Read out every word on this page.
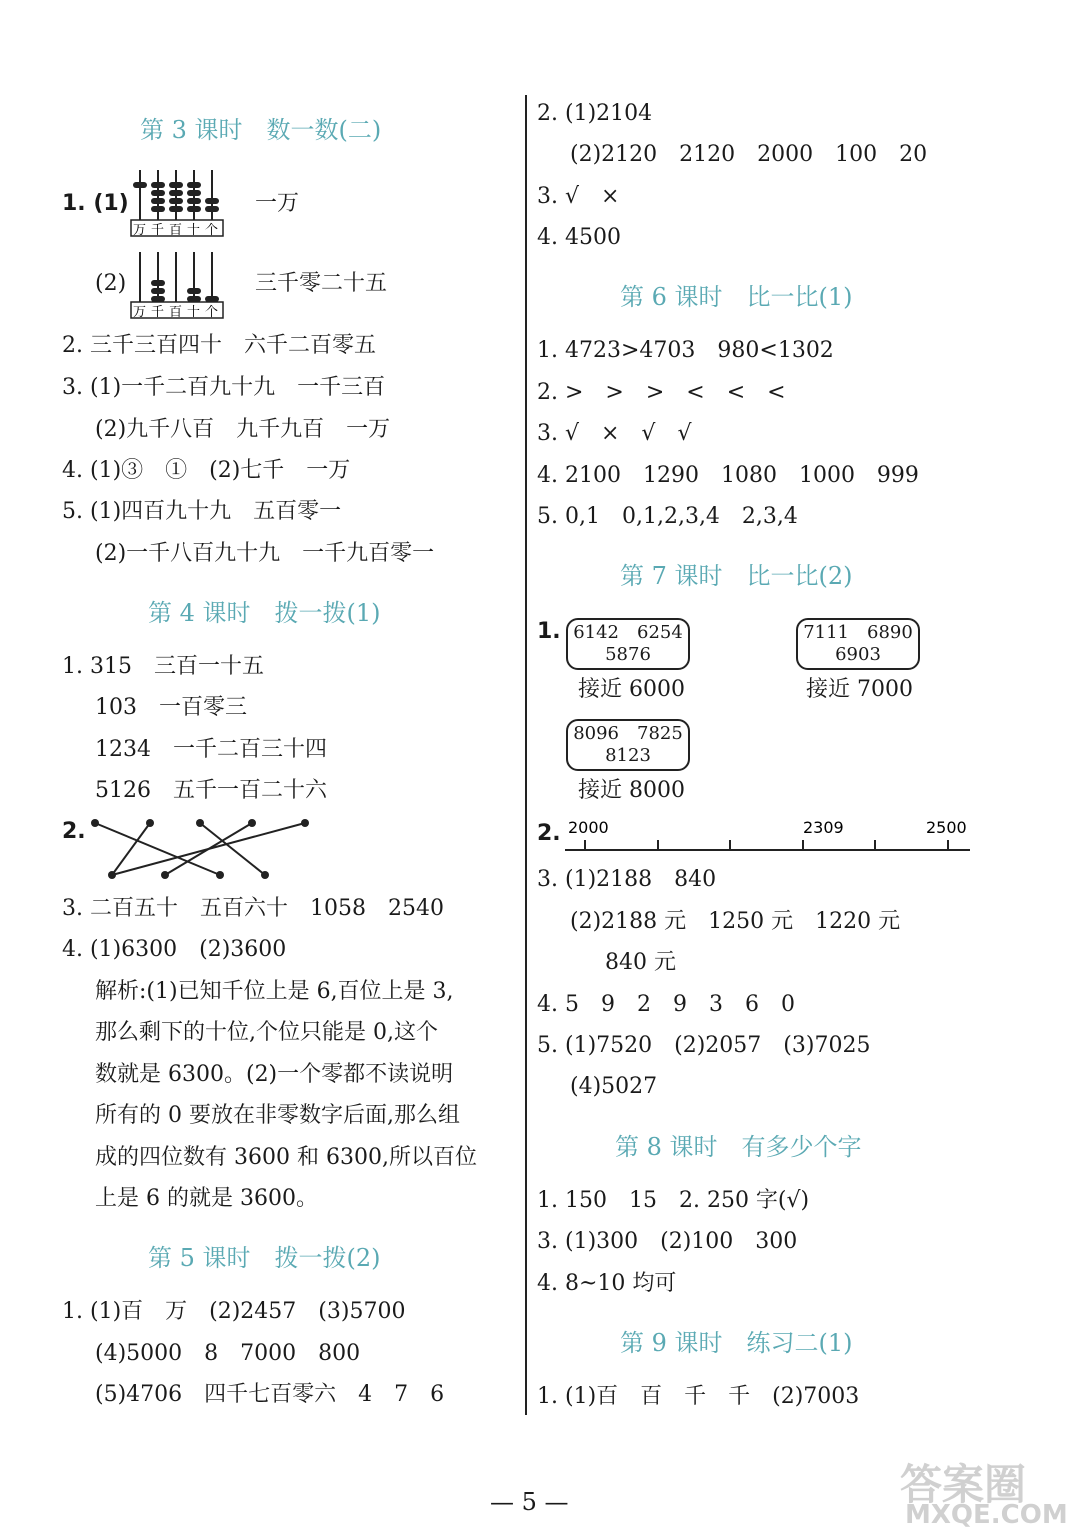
第 3 课时　数一数(二)
1. (1)
万 千 百 十 个
一万
(2)
万 千 百 十 个
三千零二十五
2. 三千三百四十　六千二百零五
3. (1)一千二百九十九　一千三百
(2)九千八百　九千九百　一万
4. (1)③　①　(2)七千　一万
5. (1)四百九十九　五百零一
(2)一千八百九十九　一千九百零一
第 4 课时　拨一拨(1)
1. 315　三百一十五
103　一百零三
1234　一千二百三十四
5126　五千一百二十六
2.
3. 二百五十　五百六十　1058　2540
4. (1)6300　(2)3600
解析:(1)已知千位上是 6,百位上是 3,
那么剩下的十位,个位只能是 0,这个
数就是 6300。(2)一个零都不读说明
所有的 0 要放在非零数字后面,那么组
成的四位数有 3600 和 6300,所以百位
上是 6 的就是 3600。
第 5 课时　拨一拨(2)
1. (1)百　万　(2)2457　(3)5700
(4)5000　8　7000　800
(5)4706　四千七百零六　4　7　6
2. (1)2104
(2)2120　2120　2000　100　20
3. √　×
4. 4500
第 6 课时　比一比(1)
1. 4723>4703　980<1302
2. >　>　>　<　<　<
3. √　×　√　√
4. 2100　1290　1080　1000　999
5. 0,1　0,1,2,3,4　2,3,4
第 7 课时　比一比(2)
1. 6142　6254
5876
接近 6000
7111　6890
6903
接近 7000
8096　7825
8123
接近 8000
2. 2000	2309	2500
3. (1)2188　840
(2)2188 元　1250 元　1220 元
840 元
4. 5　9　2　9　3　6　0
5. (1)7520　(2)2057　(3)7025
(4)5027
第 8 课时　有多少个字
1. 150　15　2. 250 字(√)
3. (1)300　(2)100　300
4. 8~10 均可
第 9 课时　练习二(1)
1. (1)百　百　千　千　(2)7003
— 5 —	答案圈
MXQE.COM
